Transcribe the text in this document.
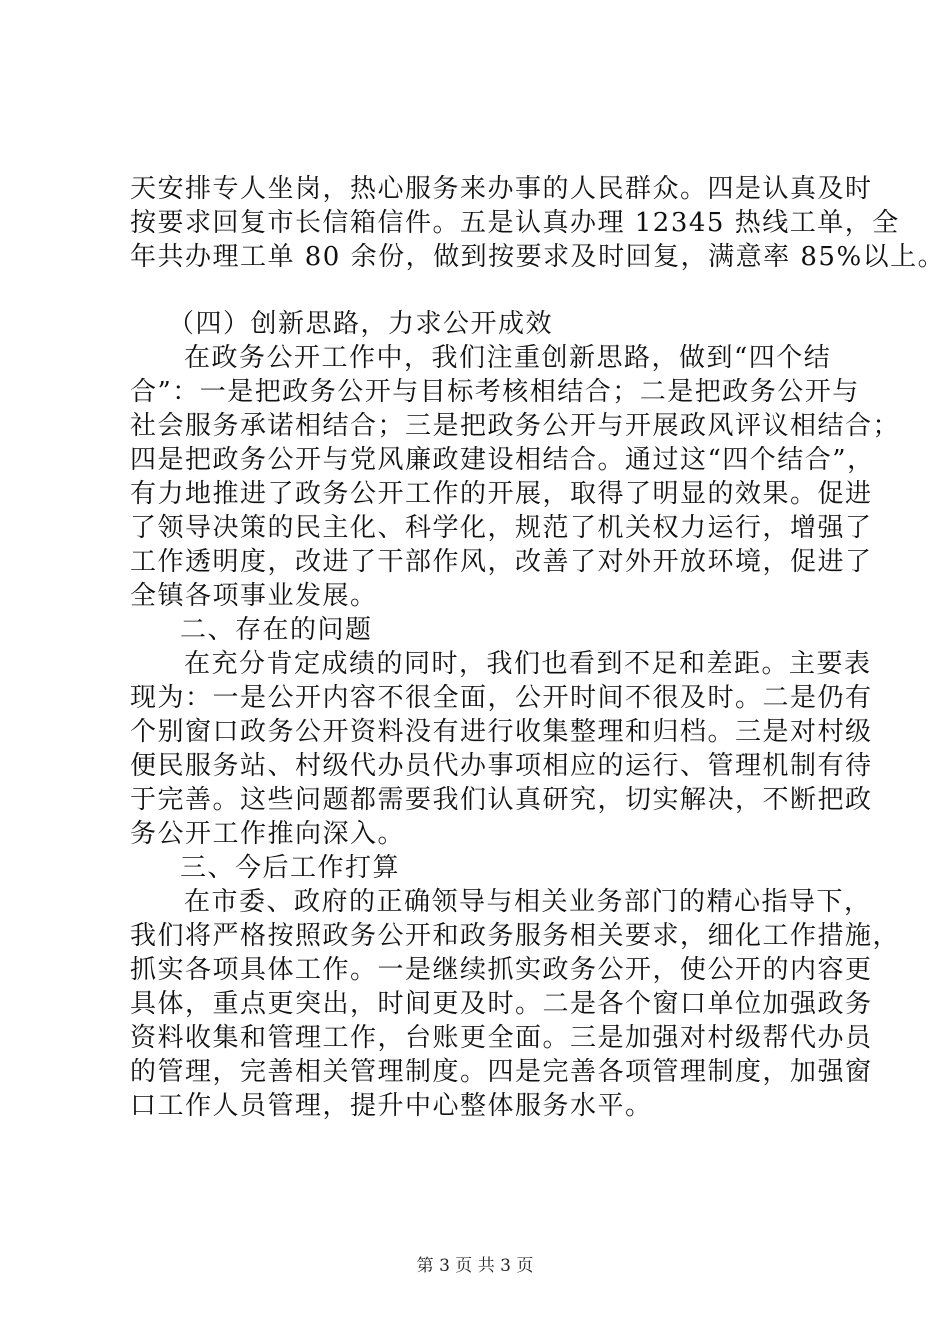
天安排专人坐岗，热心服务来办事的人民群众。四是认真及时
按要求回复市长信箱信件。五是认真办理 12345 热线工单，全
年共办理工单 80 余份，做到按要求及时回复，满意率 85%以上。
（四）创新思路，力求公开成效
在政务公开工作中，我们注重创新思路，做到“四个结
合”：一是把政务公开与目标考核相结合；二是把政务公开与
社会服务承诺相结合；三是把政务公开与开展政风评议相结合；
四是把政务公开与党风廉政建设相结合。通过这“四个结合”，
有力地推进了政务公开工作的开展，取得了明显的效果。促进
了领导决策的民主化、科学化，规范了机关权力运行，增强了
工作透明度，改进了干部作风，改善了对外开放环境，促进了
全镇各项事业发展。
二、存在的问题
在充分肯定成绩的同时，我们也看到不足和差距。主要表
现为：一是公开内容不很全面，公开时间不很及时。二是仍有
个别窗口政务公开资料没有进行收集整理和归档。三是对村级
便民服务站、村级代办员代办事项相应的运行、管理机制有待
于完善。这些问题都需要我们认真研究，切实解决，不断把政
务公开工作推向深入。
三、今后工作打算
在市委、政府的正确领导与相关业务部门的精心指导下，
我们将严格按照政务公开和政务服务相关要求，细化工作措施，
抓实各项具体工作。一是继续抓实政务公开，使公开的内容更
具体，重点更突出，时间更及时。二是各个窗口单位加强政务
资料收集和管理工作，台账更全面。三是加强对村级帮代办员
的管理，完善相关管理制度。四是完善各项管理制度，加强窗
口工作人员管理，提升中心整体服务水平。
第 3 页 共 3 页
